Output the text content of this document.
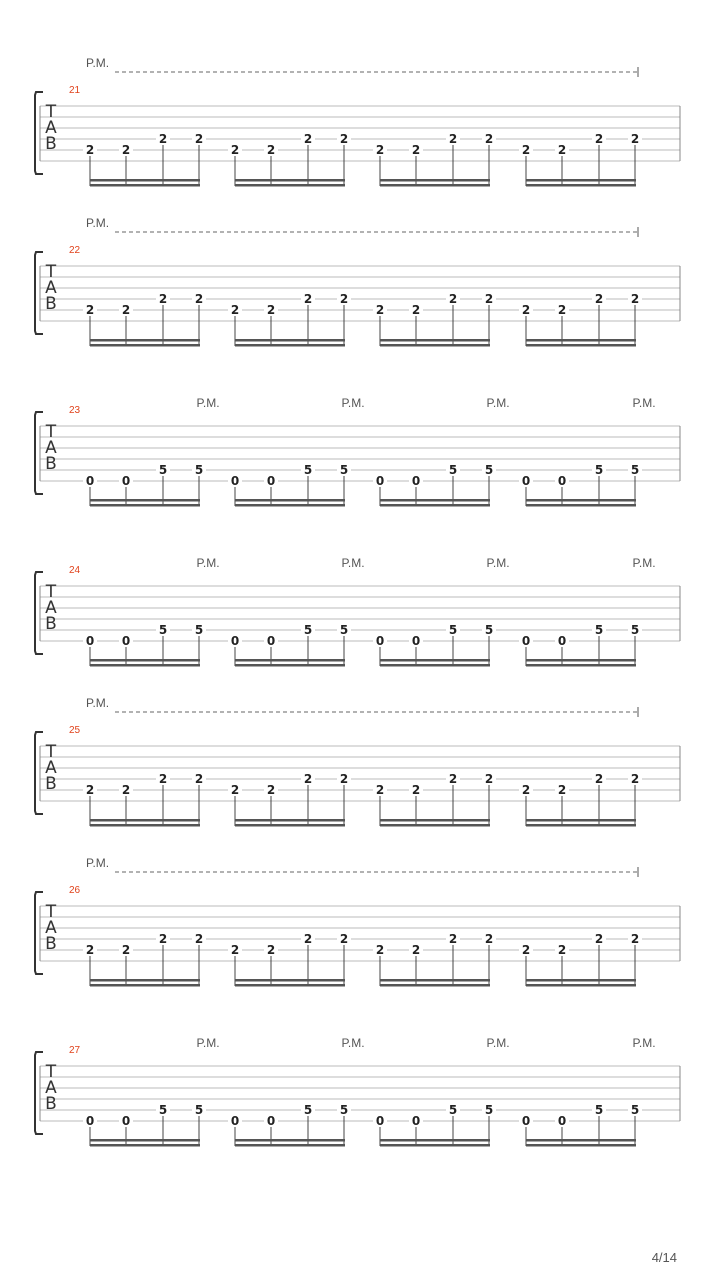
P.M.
21
T
A
B 2 2
2 2
2 2
2 2
2 2
2 2
2 2
2 2
P.M.
22
T
A
B 2 2
2 2
2 2
2 2
2 2
2 2
2 2
2 2
P.M.	P.M.	P.M.	P.M.
23
T
A
B
0 0
5 5
0 0
5 5
0 0
5 5
0 0
5 5
P.M.	P.M.	P.M.	P.M.
24
T
A
B
0 0
5 5
0 0
5 5
0 0
5 5
0 0
5 5
P.M.
25
T
A
B 2 2
2 2
2 2
2 2
2 2
2 2
2 2
2 2
P.M.
26
T
A
B 2 2
2 2
2 2
2 2
2 2
2 2
2 2
2 2
P.M.	P.M.	P.M.	P.M.
27
T
A
B
0 0
5 5
0 0
5 5
0 0
5 5
0 0
5 5
4/14
